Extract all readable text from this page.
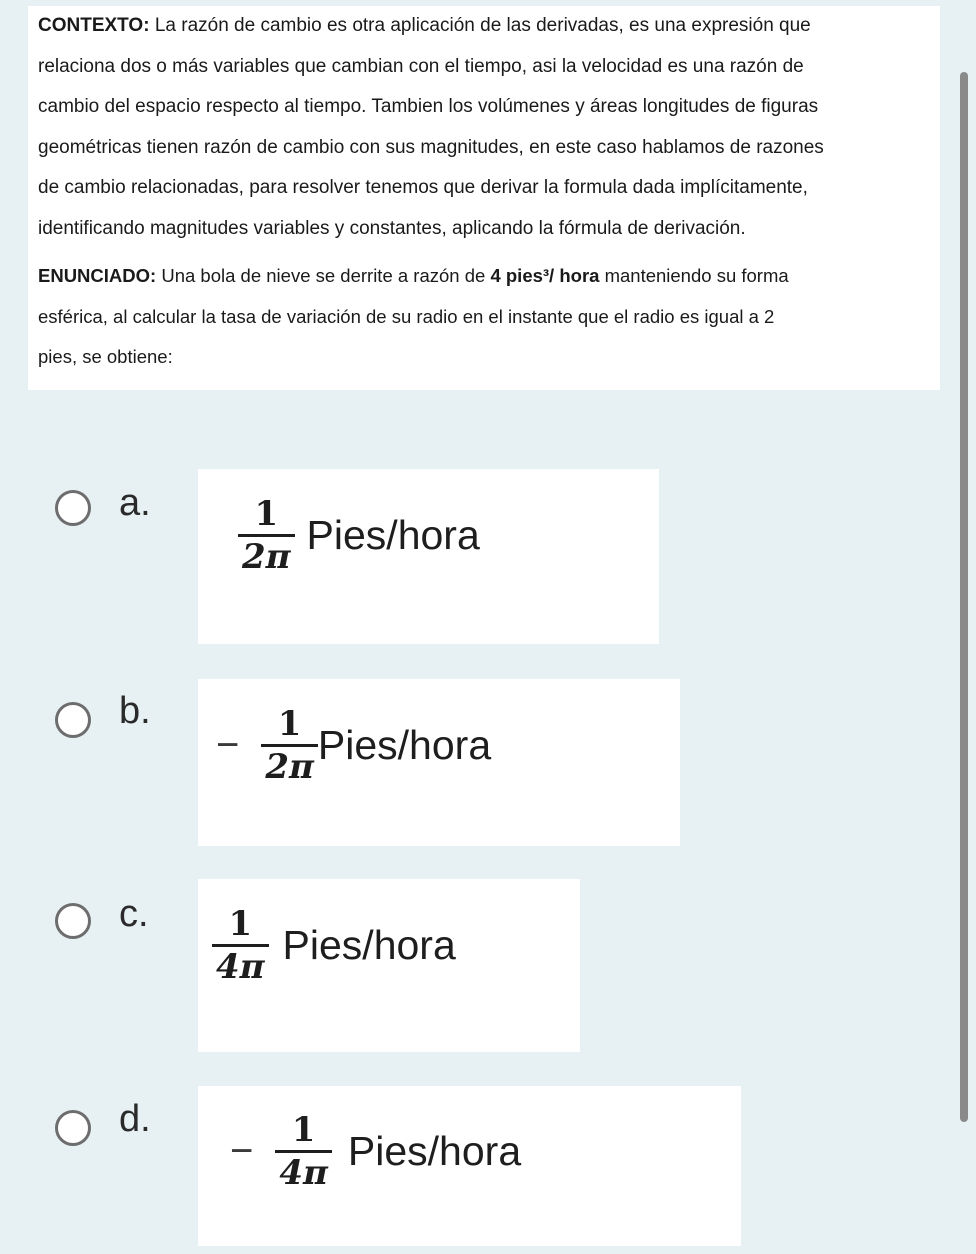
CONTEXTO: La razón de cambio es otra aplicación de las derivadas, es una expresión que
relaciona dos o más variables que cambian con el tiempo, asi la velocidad es una razón de
cambio del espacio respecto al tiempo. Tambien los volúmenes y áreas longitudes de figuras
geométricas tienen razón de cambio con sus magnitudes, en este caso hablamos de razones
de cambio relacionadas, para resolver tenemos que derivar la formula dada implícitamente,
identificando magnitudes variables y constantes, aplicando la fórmula de derivación.

ENUNCIADO: Una bola de nieve se derrite a razón de 4 pies³/ hora manteniendo su forma
esférica, al calcular la tasa de variación de su radio en el instante que el radio es igual a 2
pies, se obtiene:

a.	$\frac{1}{2\pi}$ Pies/hora
b.
− $\frac{1}{2\pi}$ Pies/hora
c. $\frac{1}{4\pi}$ Pies/hora
d.
− $\frac{1}{4\pi}$ Pies/hora
